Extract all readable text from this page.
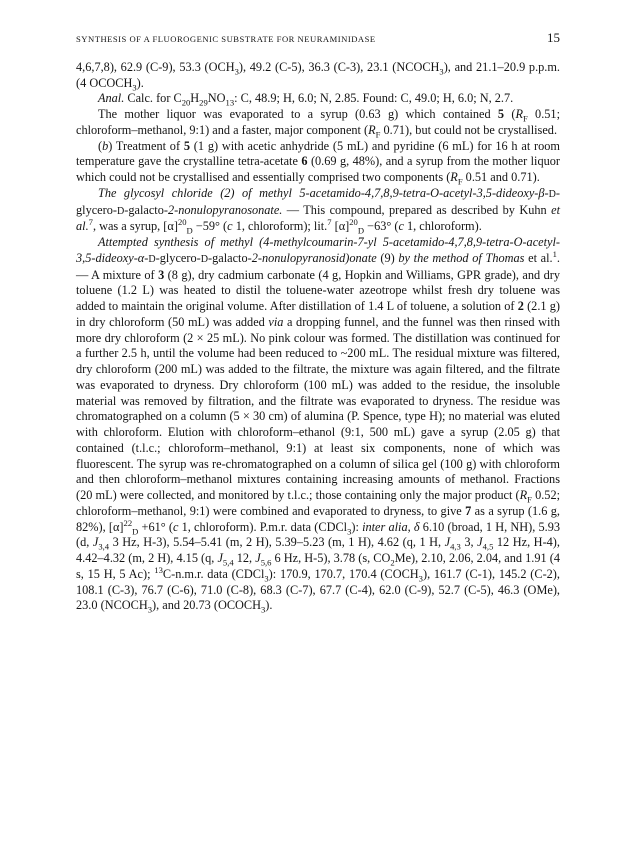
SYNTHESIS OF A FLUOROGENIC SUBSTRATE FOR NEURAMINIDASE	15

4,6,7,8), 62.9 (C-9), 53.3 $(OCH_3)$, 49.2 (C-5), 36.3 (C-3), 23.1 $(NCOCH_3)$, and 21.1–20.9 p.p.m. (4 $OCOCH_3$).

Anal. Calc. for $C_{20}H_{29}NO_{13}$: C, 48.9; H, 6.0; N, 2.85. Found: C, 49.0; H, 6.0; N, 2.7.

The mother liquor was evaporated to a syrup (0.63 g) which contained 5 ($R_F$ 0.51; chloroform–methanol, 9:1) and a faster, major component ($R_F$ 0.71), but could not be crystallised.

(b) Treatment of 5 (1 g) with acetic anhydride (5 mL) and pyridine (6 mL) for 16 h at room temperature gave the crystalline tetra-acetate 6 (0.69 g, 48%), and a syrup from the mother liquor which could not be crystallised and essentially comprised two components ($R_F$ 0.51 and 0.71).

The glycosyl chloride (2) of methyl 5-acetamido-4,7,8,9-tetra-O-acetyl-3,5-dideoxy-β-D-glycero-D-galacto-2-nonulopyranosonate. — This compound, prepared as described by Kuhn et al.$^7$, was a syrup, $[\alpha]^{20}_D -59^\circ$ (c 1, chloroform); lit.$^7$ $[\alpha]^{20}_D -63^\circ$ (c 1, chloroform).

Attempted synthesis of methyl (4-methylcoumarin-7-yl 5-acetamido-4,7,8,9-tetra-O-acetyl-3,5-dideoxy-α-D-glycero-D-galacto-2-nonulopyranosid)onate (9) by the method of Thomas et al.$^1$. — A mixture of 3 (8 g), dry cadmium carbonate (4 g, Hopkin and Williams, GPR grade), and dry toluene (1.2 L) was heated to distil the toluene-water azeotrope whilst fresh dry toluene was added to maintain the original volume. After distillation of 1.4 L of toluene, a solution of 2 (2.1 g) in dry chloroform (50 mL) was added via a dropping funnel, and the funnel was then rinsed with more dry chloroform (2 × 25 mL). No pink colour was formed. The distillation was continued for a further 2.5 h, until the volume had been reduced to ~200 mL. The residual mixture was filtered, dry chloroform (200 mL) was added to the filtrate, the mixture was again filtered, and the filtrate was evaporated to dryness. Dry chloroform (100 mL) was added to the residue, the insoluble material was removed by filtration, and the filtrate was evaporated to dryness. The residue was chromatographed on a column (5 × 30 cm) of alumina (P. Spence, type H); no material was eluted with chloroform. Elution with chloroform–ethanol (9:1, 500 mL) gave a syrup (2.05 g) that contained (t.l.c.; chloroform–methanol, 9:1) at least six components, none of which was fluorescent. The syrup was re-chromatographed on a column of silica gel (100 g) with chloroform and then chloroform–methanol mixtures containing increasing amounts of methanol. Fractions (20 mL) were collected, and monitored by t.l.c.; those containing only the major product ($R_F$ 0.52; chloroform–methanol, 9:1) were combined and evaporated to dryness, to give 7 as a syrup (1.6 g, 82%), $[\alpha]^{22}_D +61^\circ$ (c 1, chloroform). P.m.r. data (CDCl$_3$): inter alia, δ 6.10 (broad, 1 H, NH), 5.93 (d, $J_{3,4}$ 3 Hz, H-3), 5.54–5.41 (m, 2 H), 5.39–5.23 (m, 1 H), 4.62 (q, 1 H, $J_{4,3}$ 3, $J_{4,5}$ 12 Hz, H-4), 4.42–4.32 (m, 2 H), 4.15 (q, $J_{5,4}$ 12, $J_{5,6}$ 6 Hz, H-5), 3.78 (s, $CO_2Me$), 2.10, 2.06, 2.04, and 1.91 (4 s, 15 H, 5 Ac); $^{13}$C-n.m.r. data (CDCl$_3$): 170.9, 170.7, 170.4 $(COCH_3)$, 161.7 (C-1), 145.2 (C-2), 108.1 (C-3), 76.7 (C-6), 71.0 (C-8), 68.3 (C-7), 67.7 (C-4), 62.0 (C-9), 52.7 (C-5), 46.3 (OMe), 23.0 $(NCOCH_3)$, and 20.73 $(OCOCH_3)$.
